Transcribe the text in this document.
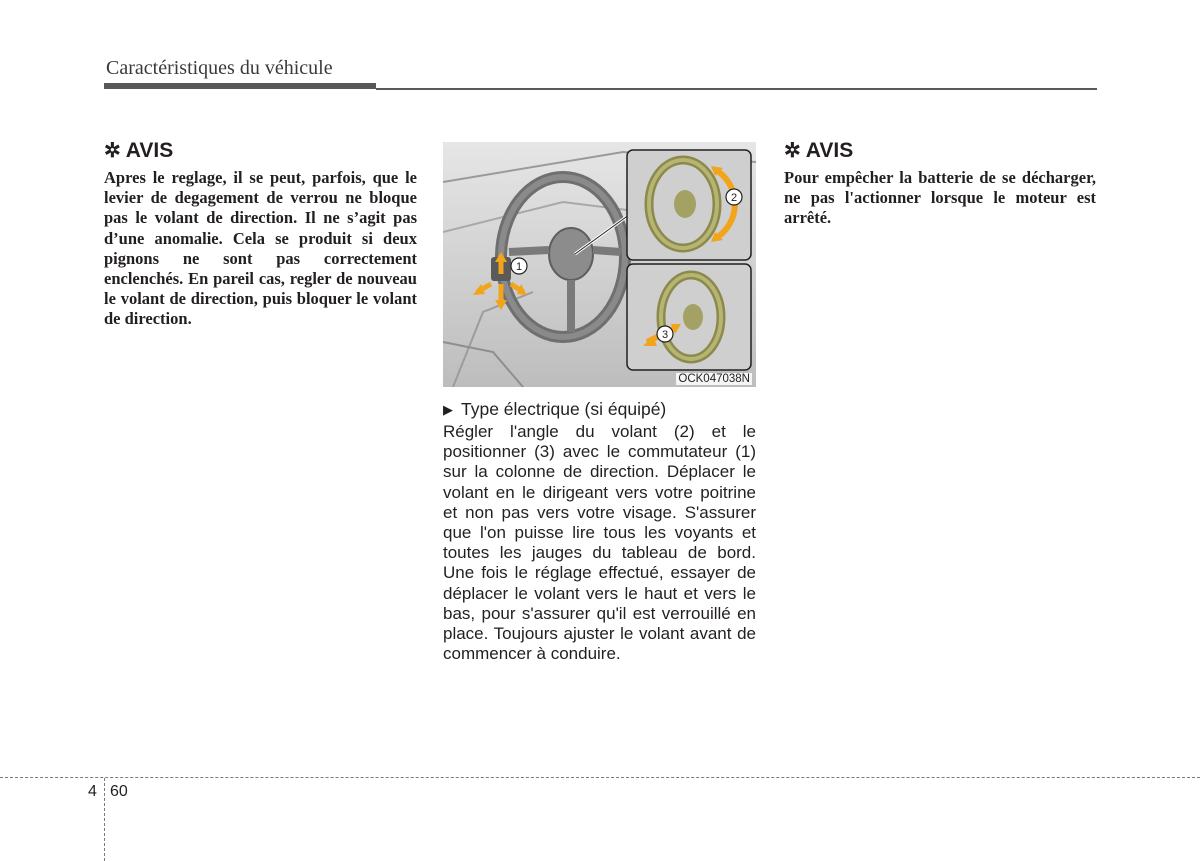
Caractéristiques du véhicule
✲ AVIS

Apres le reglage, il se peut, parfois, que le levier de degagement de verrou ne bloque pas le volant de direction. Il ne s’agit pas d’une anomalie. Cela se produit si deux pignons ne sont pas correctement enclenchés. En pareil cas, regler de nouveau le volant de direction, puis bloquer le volant de direction.

1
2
3
OCK047038N
▶ Type électrique (si équipé)

Régler l'angle du volant (2) et le positionner (3) avec le commutateur (1) sur la colonne de direction. Déplacer le volant en le dirigeant vers votre poitrine et non pas vers votre visage. S'assurer que l'on puisse lire tous les voyants et toutes les jauges du tableau de bord. Une fois le réglage effectué, essayer de déplacer le volant vers le haut et vers le bas, pour s'assurer qu'il est verrouillé en place. Toujours ajuster le volant avant de commencer à conduire.

✲ AVIS

Pour empêcher la batterie de se décharger, ne pas l'actionner lorsque le moteur est arrêté.

4 60
